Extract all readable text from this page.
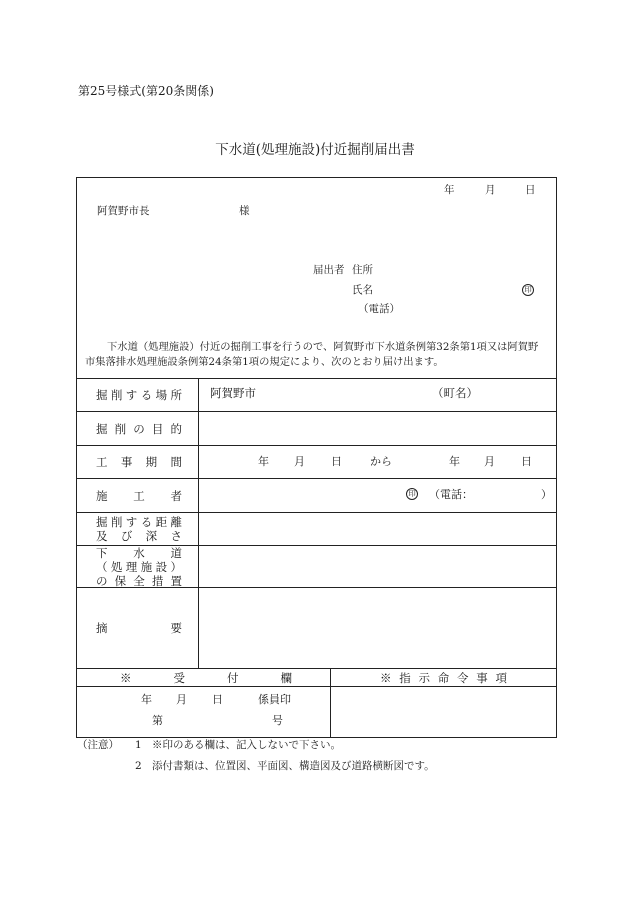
第25号様式(第20条関係)
下水道(処理施設)付近掘削届出書
年	月	日
阿賀野市長	様
届出者 住所
氏名	印
（電話）
下水道（処理施設）付近の掘削工事を行うので、阿賀野市下水道条例第32条第1項又は阿賀野
市集落排水処理施設条例第24条第1項の規定により、次のとおり届け出ます。
掘削する場所 阿賀野市	（町名）
掘削の目的
工事期間	年 月 日	から	年 月 日
施工者	印 （電話：	）
掘削する距離
及び深さ
下水道
（処理施設）
の保全措置
摘要
※受付欄	※指示命令事項
年 月 日	係員印
第	号
（注意） 1 ※印のある欄は、記入しないで下さい。
2 添付書類は、位置図、平面図、構造図及び道路横断図です。
